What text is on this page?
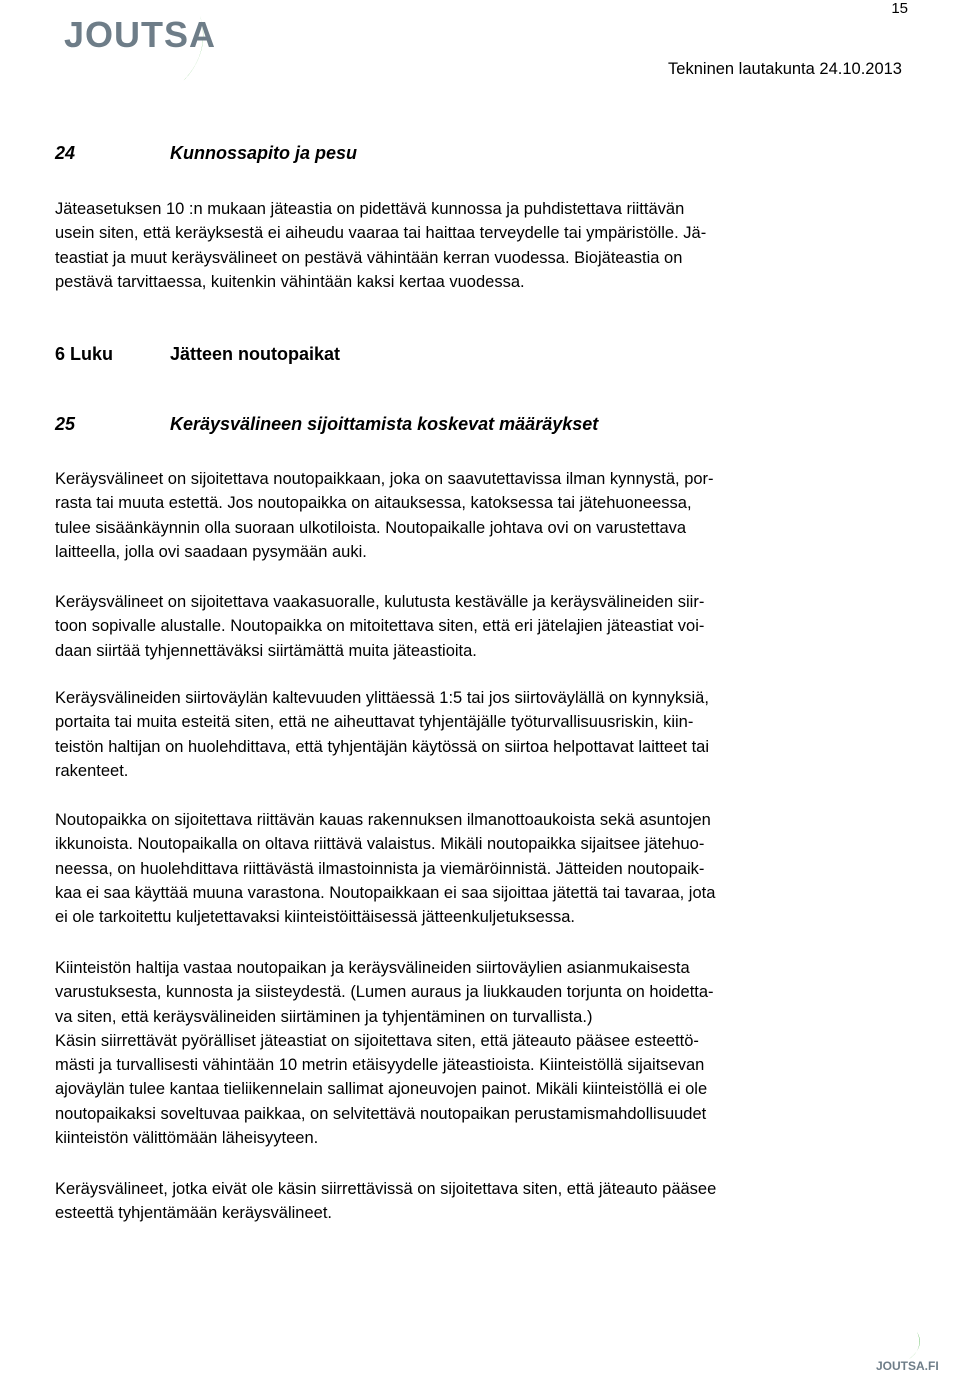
JOUTSA
15
Tekninen lautakunta 24.10.2013
24	Kunnossapito ja pesu

Jäteasetuksen 10 :n mukaan jäteastia on pidettävä kunnossa ja puhdistettava riittävän
usein siten, että keräyksestä ei aiheudu vaaraa tai haittaa terveydelle tai ympäristölle. Jä-
teastiat ja muut keräysvälineet on pestävä vähintään kerran vuodessa. Biojäteastia on
pestävä tarvittaessa, kuitenkin vähintään kaksi kertaa vuodessa.

6 Luku	Jätteen noutopaikat
25	Keräysvälineen sijoittamista koskevat määräykset

Keräysvälineet on sijoitettava noutopaikkaan, joka on saavutettavissa ilman kynnystä, por-
rasta tai muuta estettä. Jos noutopaikka on aitauksessa, katoksessa tai jätehuoneessa,
tulee sisäänkäynnin olla suoraan ulkotiloista. Noutopaikalle johtava ovi on varustettava
laitteella, jolla ovi saadaan pysymään auki.

Keräysvälineet on sijoitettava vaakasuoralle, kulutusta kestävälle ja keräysvälineiden siir-
toon sopivalle alustalle. Noutopaikka on mitoitettava siten, että eri jätelajien jäteastiat voi-
daan siirtää tyhjennettäväksi siirtämättä muita jäteastioita.

Keräysvälineiden siirtoväylän kaltevuuden ylittäessä 1:5 tai jos siirtoväylällä on kynnyksiä,
portaita tai muita esteitä siten, että ne aiheuttavat tyhjentäjälle työturvallisuusriskin, kiin-
teistön haltijan on huolehdittava, että tyhjentäjän käytössä on siirtoa helpottavat laitteet tai
rakenteet.

Noutopaikka on sijoitettava riittävän kauas rakennuksen ilmanottoaukoista sekä asuntojen
ikkunoista. Noutopaikalla on oltava riittävä valaistus. Mikäli noutopaikka sijaitsee jätehuo-
neessa, on huolehdittava riittävästä ilmastoinnista ja viemäröinnistä. Jätteiden noutopaik-
kaa ei saa käyttää muuna varastona. Noutopaikkaan ei saa sijoittaa jätettä tai tavaraa, jota
ei ole tarkoitettu kuljetettavaksi kiinteistöittäisessä jätteenkuljetuksessa.

Kiinteistön haltija vastaa noutopaikan ja keräysvälineiden siirtoväylien asianmukaisesta
varustuksesta, kunnosta ja siisteydestä. (Lumen auraus ja liukkauden torjunta on hoidetta-
va siten, että keräysvälineiden siirtäminen ja tyhjentäminen on turvallista.)
Käsin siirrettävät pyörälliset jäteastiat on sijoitettava siten, että jäteauto pääsee esteettö-
mästi ja turvallisesti vähintään 10 metrin etäisyydelle jäteastioista. Kiinteistöllä sijaitsevan
ajoväylän tulee kantaa tieliikennelain sallimat ajoneuvojen painot. Mikäli kiinteistöllä ei ole
noutopaikaksi soveltuvaa paikkaa, on selvitettävä noutopaikan perustamismahdollisuudet
kiinteistön välittömään läheisyyteen.

Keräysvälineet, jotka eivät ole käsin siirrettävissä on sijoitettava siten, että jäteauto pääsee
esteettä tyhjentämään keräysvälineet.

JOUTSA.FI
